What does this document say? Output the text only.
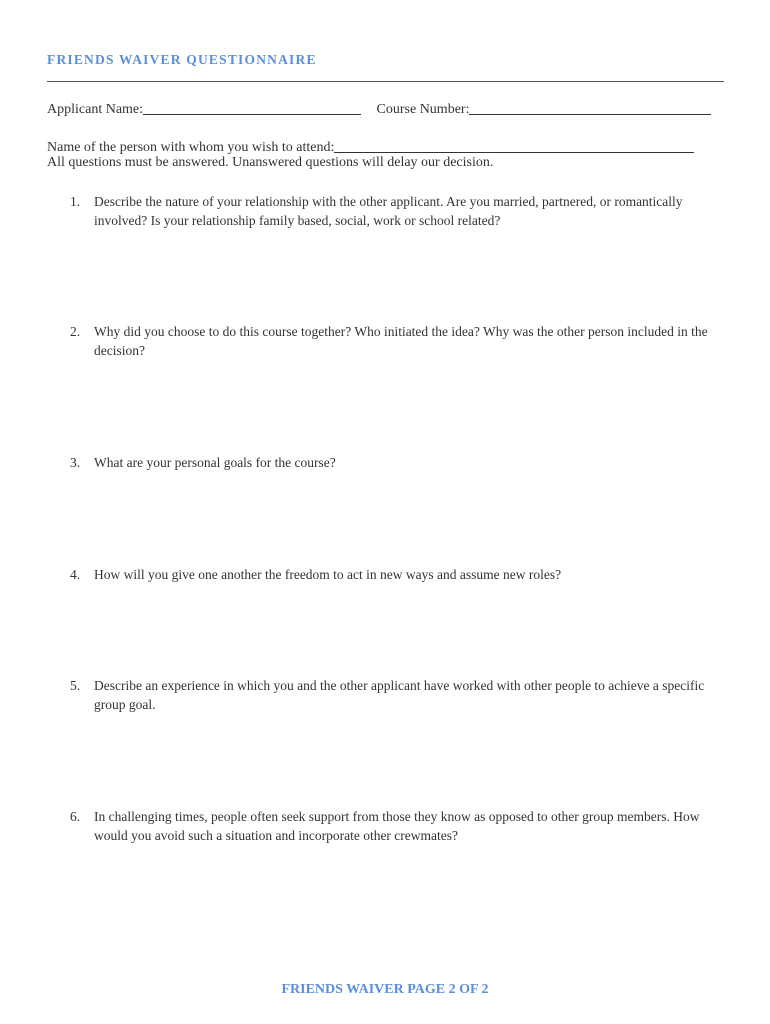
FRIENDS WAIVER QUESTIONNAIRE
Applicant Name:	Course Number:
Name of the person with whom you wish to attend:
All questions must be answered. Unanswered questions will delay our decision.
1. Describe the nature of your relationship with the other applicant. Are you married, partnered, or romantically involved? Is your relationship family based, social, work or school related?
2. Why did you choose to do this course together? Who initiated the idea? Why was the other person included in the decision?
3. What are your personal goals for the course?
4. How will you give one another the freedom to act in new ways and assume new roles?
5. Describe an experience in which you and the other applicant have worked with other people to achieve a specific group goal.
6. In challenging times, people often seek support from those they know as opposed to other group members. How would you avoid such a situation and incorporate other crewmates?
FRIENDS WAIVER PAGE 2 OF 2
